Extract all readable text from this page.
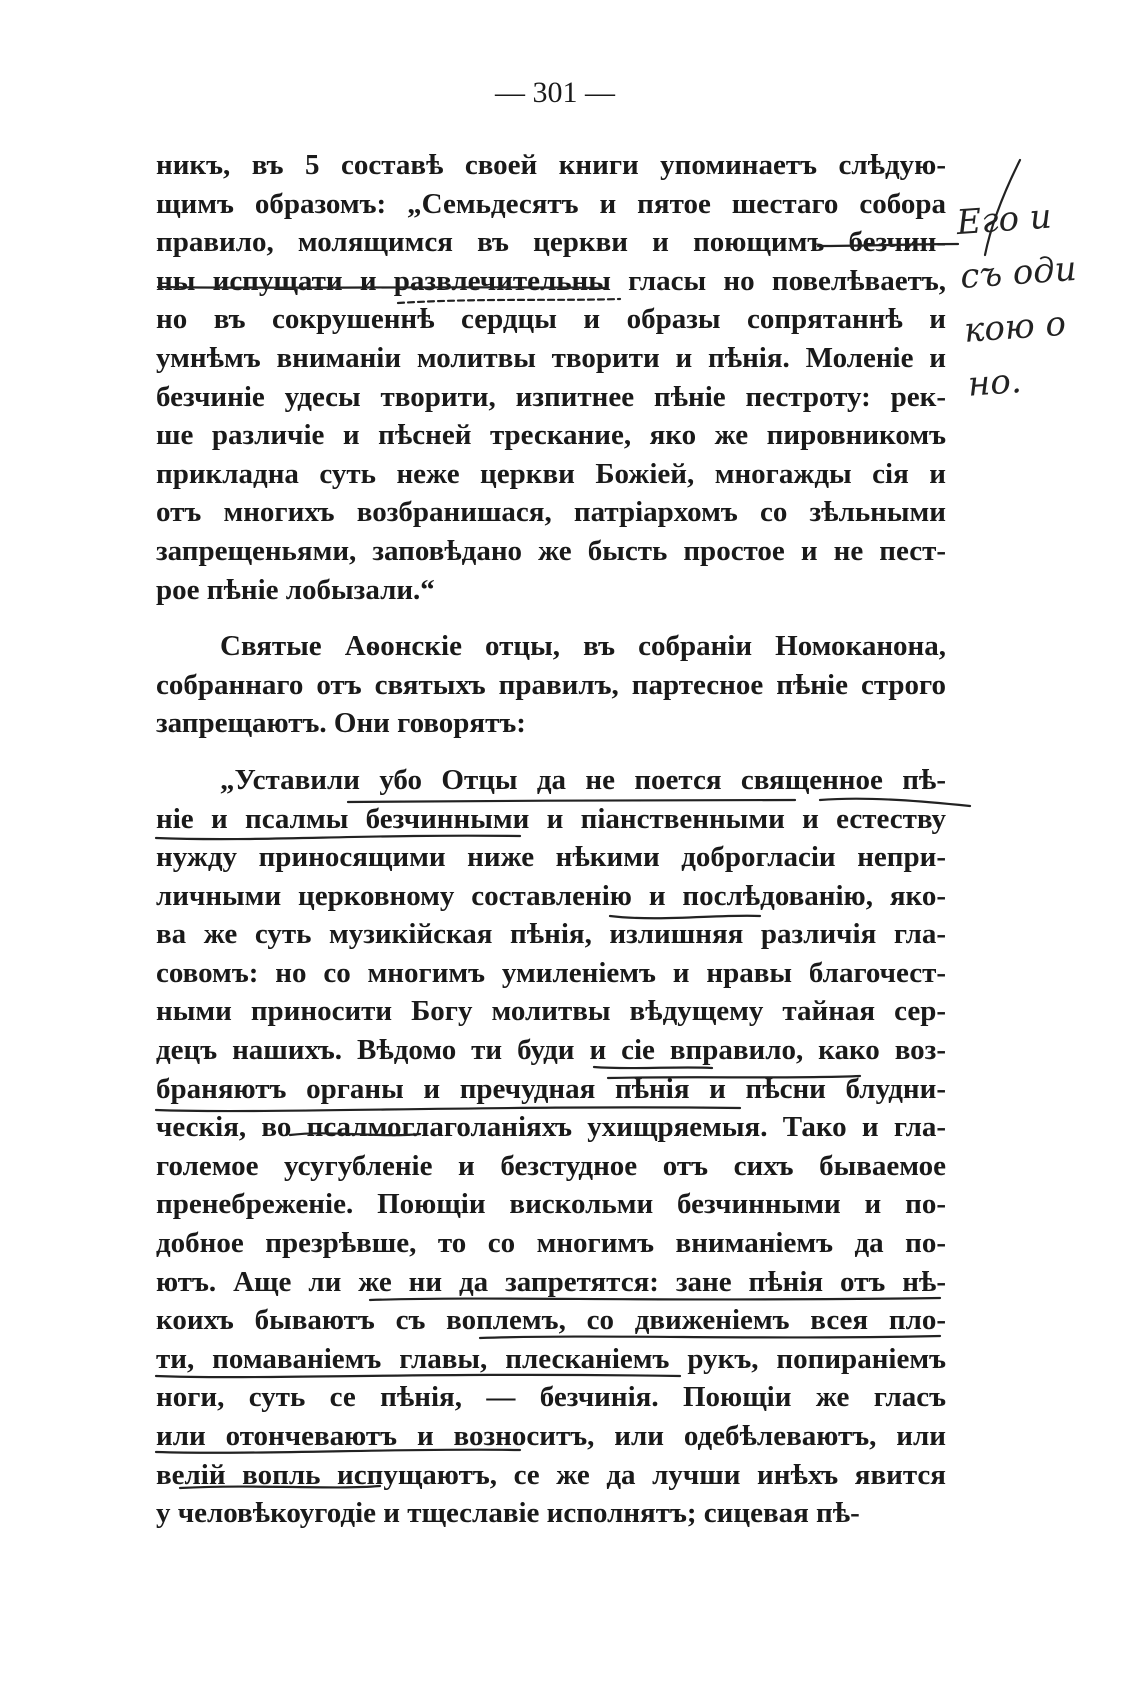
— 301 —
никъ, въ 5 составѣ своей книги упоминаетъ слѣдую-
щимъ образомъ: „Семьдесятъ и пятое шестаго собора
правило, молящимся въ церкви и поющимъ безчин-
ны испущати и развлечительны гласы но повелѣваетъ,
но въ сокрушеннѣ сердцы и образы сопрятаннѣ и
умнѣмъ вниманiи молитвы творити и пѣнiя. Моленiе и
безчинiе удесы творити, изпитнее пѣнiе пестроту: рек-
ше различiе и пѣсней трескание, яко же пировникомъ
прикладна суть неже церкви Божiей, многажды сiя и
отъ многихъ возбранишася, патрiархомъ со зѣльными
запрещеньями, заповѣдано же бысть простое и не пест-
рое пѣнiе лобызали.“
Святые Аѳонскiе отцы, въ собранiи Номоканона,
собраннаго отъ святыхъ правилъ, партесное пѣнiе строго
запрещаютъ. Они говорятъ:
„Уставили убо Отцы да не поется священное пѣ-
нiе и псалмы безчинными и пiанственными и естеству
нужду приносящими ниже нѣкими доброгласiи непри-
личными церковному составленiю и послѣдованiю, яко-
ва же суть музикiйская пѣнiя, излишняя различiя гла-
совомъ: но со многимъ умиленiемъ и нравы благочест-
ными приносити Богу молитвы вѣдущему тайная сер-
децъ нашихъ. Вѣдомо ти буди и сiе вправило, како воз-
браняютъ органы и пречудная пѣнiя и пѣсни блудни-
ческiя, во псалмоглаголанiяхъ ухищряемыя. Тако и гла-
големое усугубленiе и безстудное отъ сихъ бываемое
пренебреженiе. Поющiи вискольми безчинными и по-
добное презрѣвше, то со многимъ вниманiемъ да по-
ютъ. Аще ли же ни да запретятся: зане пѣнiя отъ нѣ-
коихъ бываютъ съ воплемъ, со движенiемъ всея пло-
ти, помаванiемъ главы, плесканiемъ рукъ, попиранiемъ
ноги, суть се пѣнiя, — безчинiя. Поющiи же гласъ
или отончеваютъ и возноситъ, или одебѣлеваютъ, или
велiй вопль испущаютъ, се же да лучши инѣхъ явится
у человѣкоугодiе и тщеславiе исполнятъ; сицевая пѣ-
Его и
съ оди
кою о
но.
